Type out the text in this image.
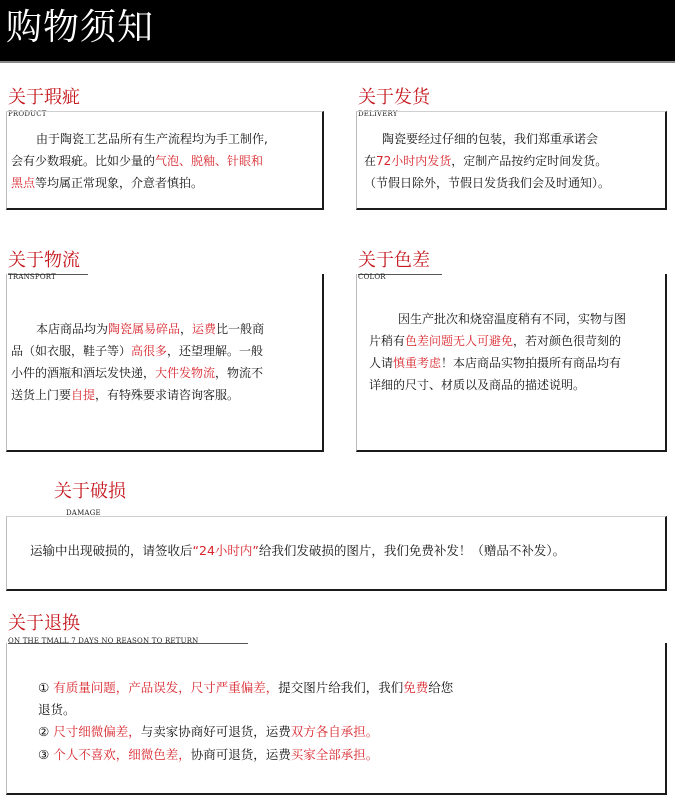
购物须知
关于瑕疵
PRODUCT
由于陶瓷工艺品所有生产流程均为手工制作,
会有少数瑕疵。比如少量的气泡、脱釉、针眼和
黑点等均属正常现象，介意者慎拍。
关于发货
DELIVERY
陶瓷要经过仔细的包装，我们郑重承诺会
在72小时内发货，定制产品按约定时间发货。
（节假日除外，节假日发货我们会及时通知）。
关于物流
TRANSPORT
本店商品均为陶瓷属易碎品，运费比一般商
品（如衣服，鞋子等）高很多，还望理解。一般
小件的酒瓶和酒坛发快递，大件发物流，物流不
送货上门要自提，有特殊要求请咨询客服。
关于色差
COLOR
因生产批次和烧窑温度稍有不同，实物与图
片稍有色差问题无人可避免，若对颜色很苛刻的
人请慎重考虑！本店商品实物拍摄所有商品均有
详细的尺寸、材质以及商品的描述说明。
关于破损
DAMAGE
运输中出现破损的，请签收后“24小时内”给我们发破损的图片，我们免费补发！（赠品不补发）。
关于退换
ON THE TMALL 7 DAYS NO REASON TO RETURN
① 有质量问题，产品误发，尺寸严重偏差，提交图片给我们，我们免费给您
退货。
② 尺寸细微偏差，与卖家协商好可退货，运费双方各自承担。
③ 个人不喜欢，细微色差，协商可退货，运费买家全部承担。
